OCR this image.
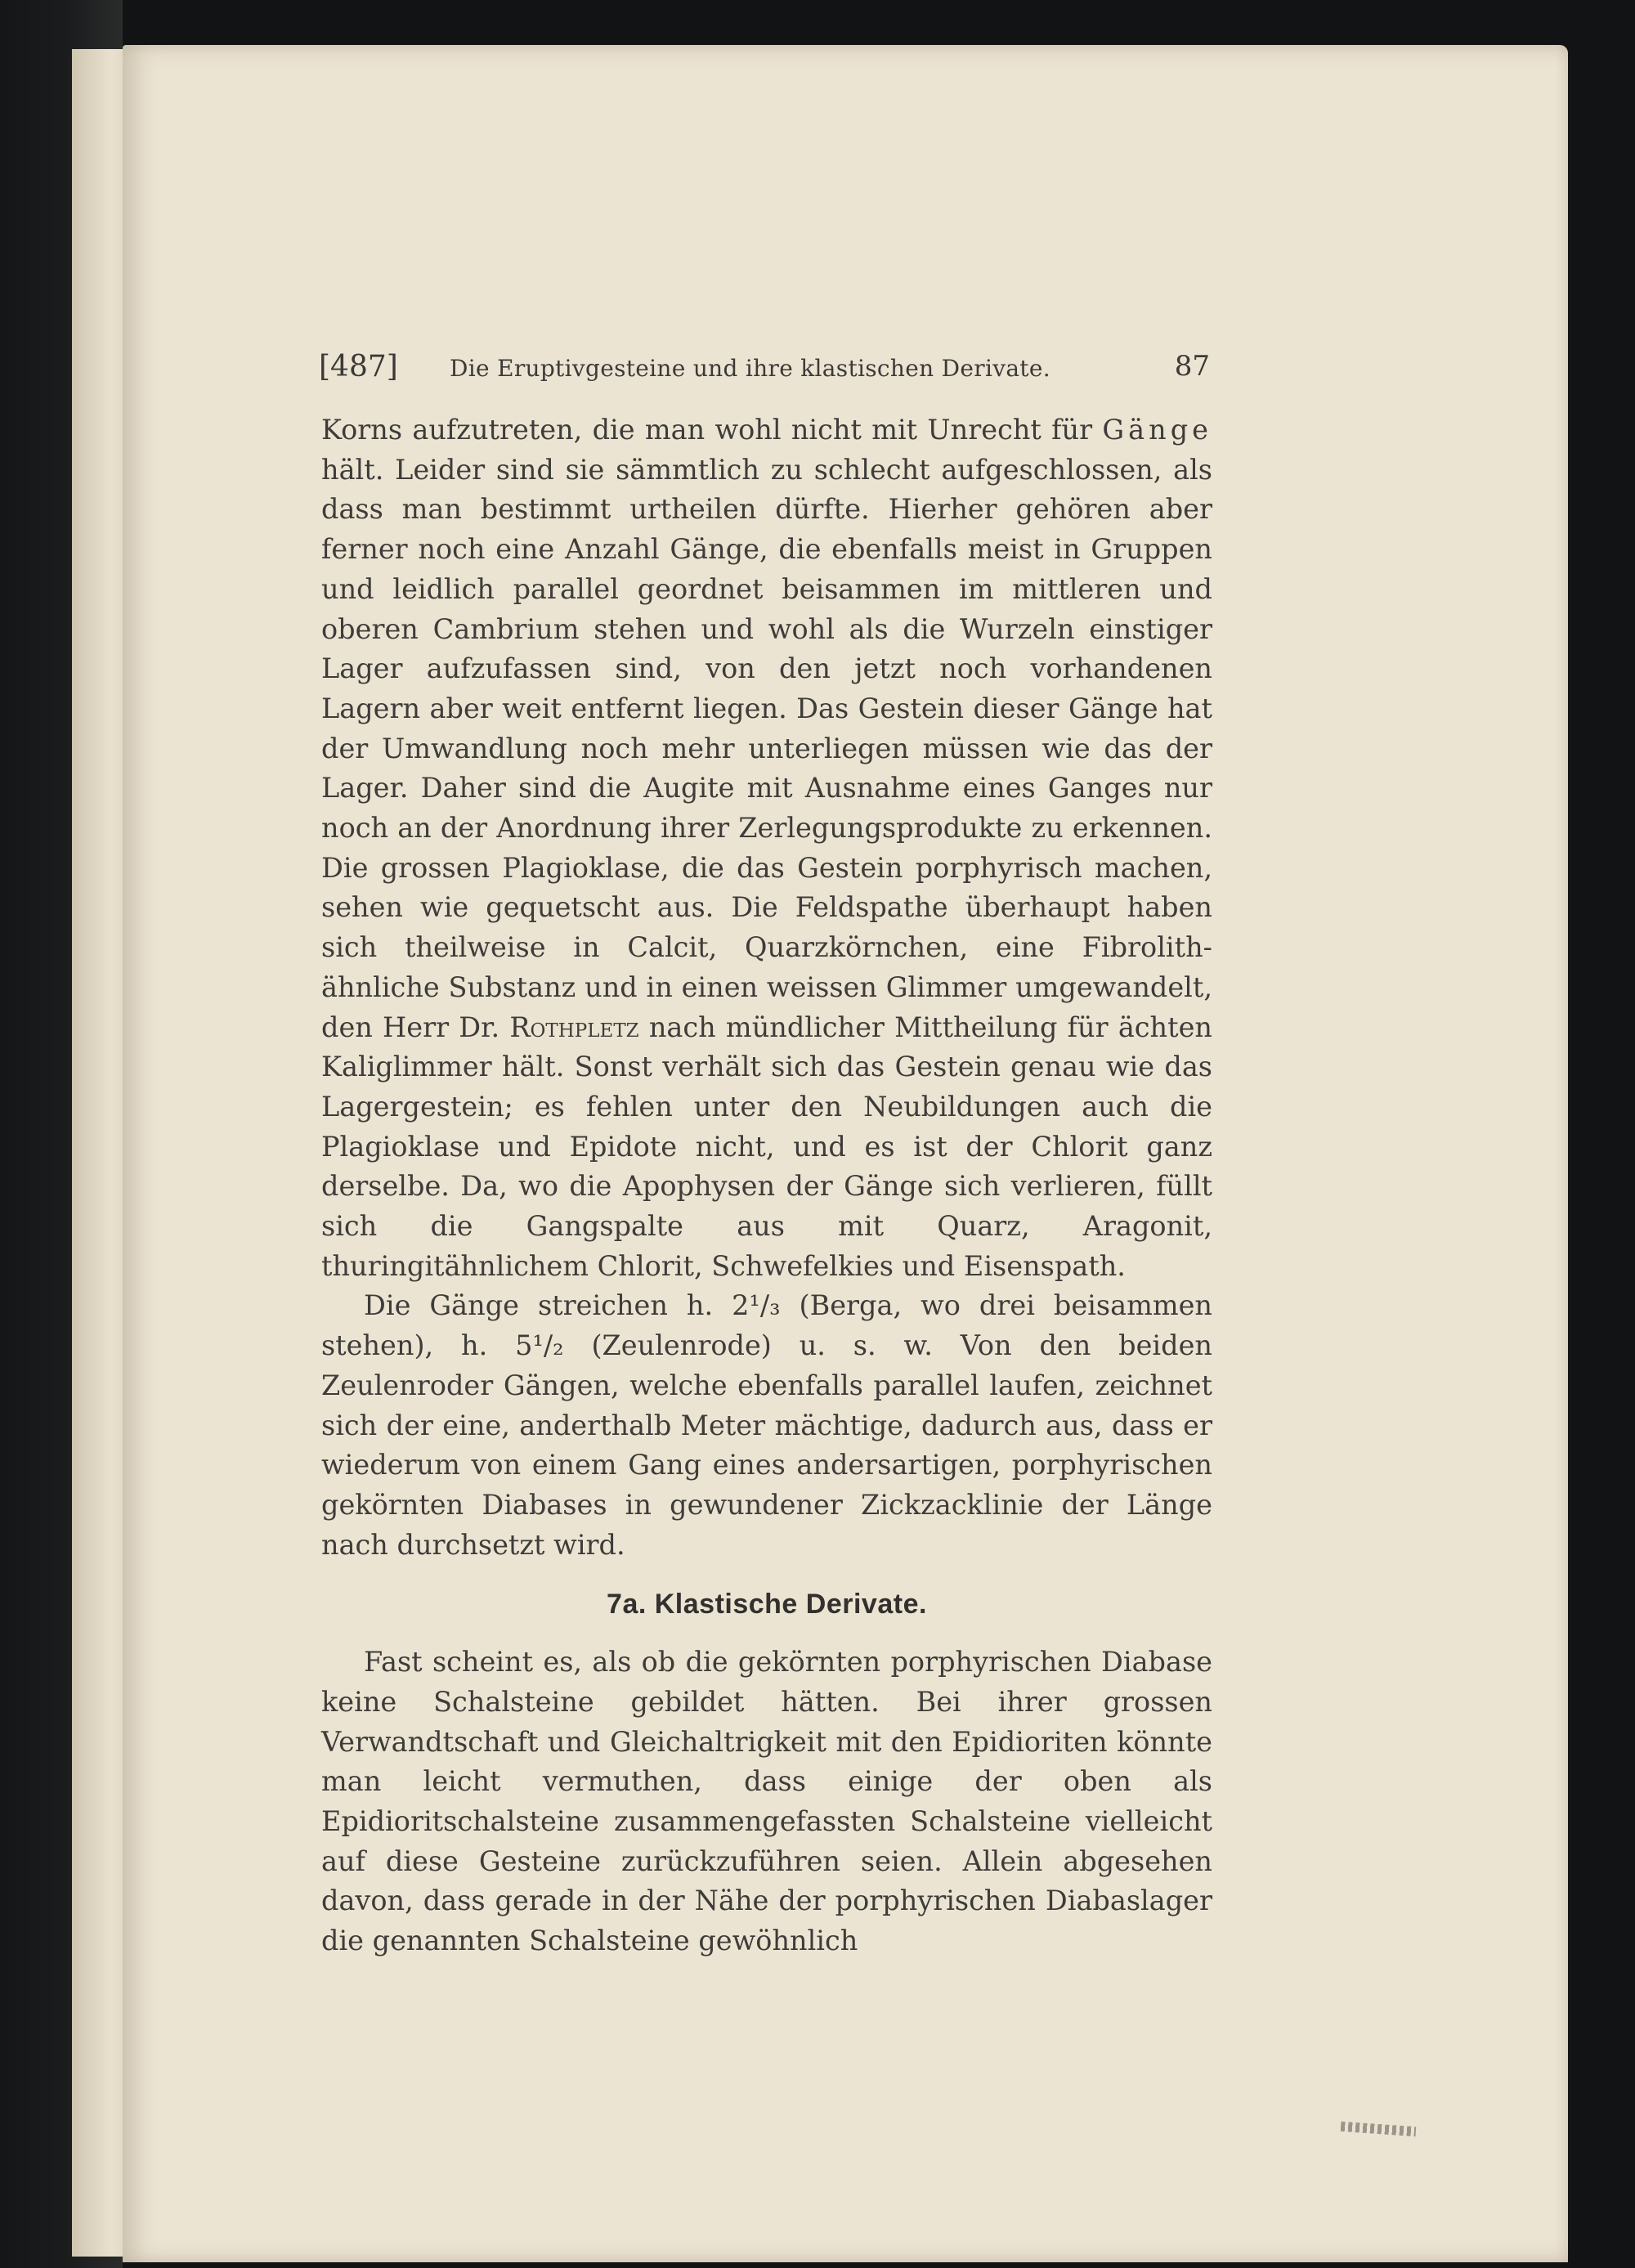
[487] Die Eruptivgesteine und ihre klastischen Derivate.	87

Korns aufzutreten, die man wohl nicht mit Unrecht für Gänge hält. Leider sind sie sämmtlich zu schlecht aufgeschlossen, als dass man bestimmt urtheilen dürfte. Hierher gehören aber ferner noch eine Anzahl Gänge, die ebenfalls meist in Gruppen und leidlich parallel geordnet beisammen im mittleren und oberen Cambrium stehen und wohl als die Wurzeln einstiger Lager aufzufassen sind, von den jetzt noch vorhandenen Lagern aber weit entfernt liegen. Das Gestein dieser Gänge hat der Umwandlung noch mehr unterliegen müssen wie das der Lager. Daher sind die Augite mit Ausnahme eines Ganges nur noch an der Anordnung ihrer Zerlegungsprodukte zu erkennen. Die grossen Plagioklase, die das Gestein porphyrisch machen, sehen wie gequetscht aus. Die Feldspathe überhaupt haben sich theilweise in Calcit, Quarzkörnchen, eine Fibrolith-ähnliche Substanz und in einen weissen Glimmer umgewandelt, den Herr Dr. Rothpletz nach mündlicher Mittheilung für ächten Kaliglimmer hält. Sonst verhält sich das Gestein genau wie das Lagergestein; es fehlen unter den Neubildungen auch die Plagioklase und Epidote nicht, und es ist der Chlorit ganz derselbe. Da, wo die Apophysen der Gänge sich verlieren, füllt sich die Gangspalte aus mit Quarz, Aragonit, thuringitähnlichem Chlorit, Schwefelkies und Eisenspath.

Die Gänge streichen h. 2¹/₃ (Berga, wo drei beisammen stehen), h. 5¹/₂ (Zeulenrode) u. s. w. Von den beiden Zeulenroder Gängen, welche ebenfalls parallel laufen, zeichnet sich der eine, anderthalb Meter mächtige, dadurch aus, dass er wiederum von einem Gang eines andersartigen, porphyrischen gekörnten Diabases in gewundener Zickzacklinie der Länge nach durchsetzt wird.

7a. Klastische Derivate.

Fast scheint es, als ob die gekörnten porphyrischen Diabase keine Schalsteine gebildet hätten. Bei ihrer grossen Verwandtschaft und Gleichaltrigkeit mit den Epidioriten könnte man leicht vermuthen, dass einige der oben als Epidioritschalsteine zusammengefassten Schalsteine vielleicht auf diese Gesteine zurückzuführen seien. Allein abgesehen davon, dass gerade in der Nähe der porphyrischen Diabaslager die genannten Schalsteine gewöhnlich
